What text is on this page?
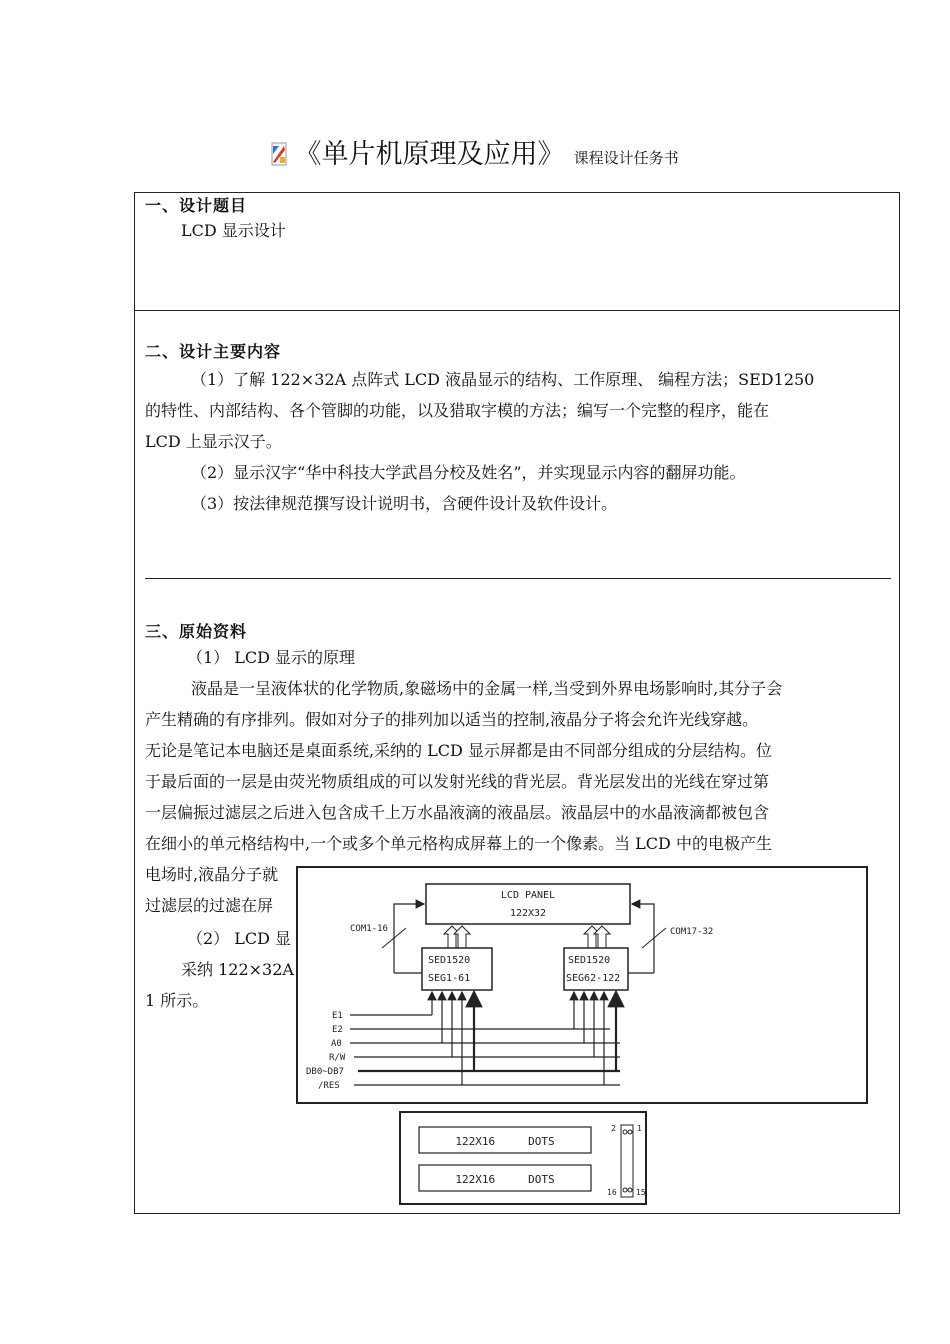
《单片机原理及应用》 课程设计任务书
一、设计题目
LCD 显示设计
二、设计主要内容
（1）了解 122×32A 点阵式 LCD 液晶显示的结构、工作原理、 编程方法；SED1250
的特性、内部结构、各个管脚的功能，以及猎取字模的方法；编写一个完整的程序，能在
LCD 上显示汉子。
（2）显示汉字“华中科技大学武昌分校及姓名”，并实现显示内容的翻屏功能。
（3）按法律规范撰写设计说明书，含硬件设计及软件设计。
三、原始资料
（1） LCD 显示的原理
液晶是一呈液体状的化学物质,象磁场中的金属一样,当受到外界电场影响时,其分子会
产生精确的有序排列。假如对分子的排列加以适当的控制,液晶分子将会允许光线穿越。
无论是笔记本电脑还是桌面系统,采纳的 LCD 显示屏都是由不同部分组成的分层结构。位
于最后面的一层是由荧光物质组成的可以发射光线的背光层。背光层发出的光线在穿过第
一层偏振过滤层之后进入包含成千上万水晶液滴的液晶层。液晶层中的水晶液滴都被包含
在细小的单元格结构中,一个或多个单元格构成屏幕上的一个像素。当 LCD 中的电极产生
电场时,液晶分子就
过滤层的过滤在屏
（2） LCD 显
采纳 122×32A
1 所示。
LCD PANEL
122X32
COM1-16	COM17-32
SED1520
SEG1-61
SED1520
SEG62-122
E1
E2
A0
R/W
DB0~DB7
/RES
122X16     DOTS
122X16     DOTS
2	1
16 15
